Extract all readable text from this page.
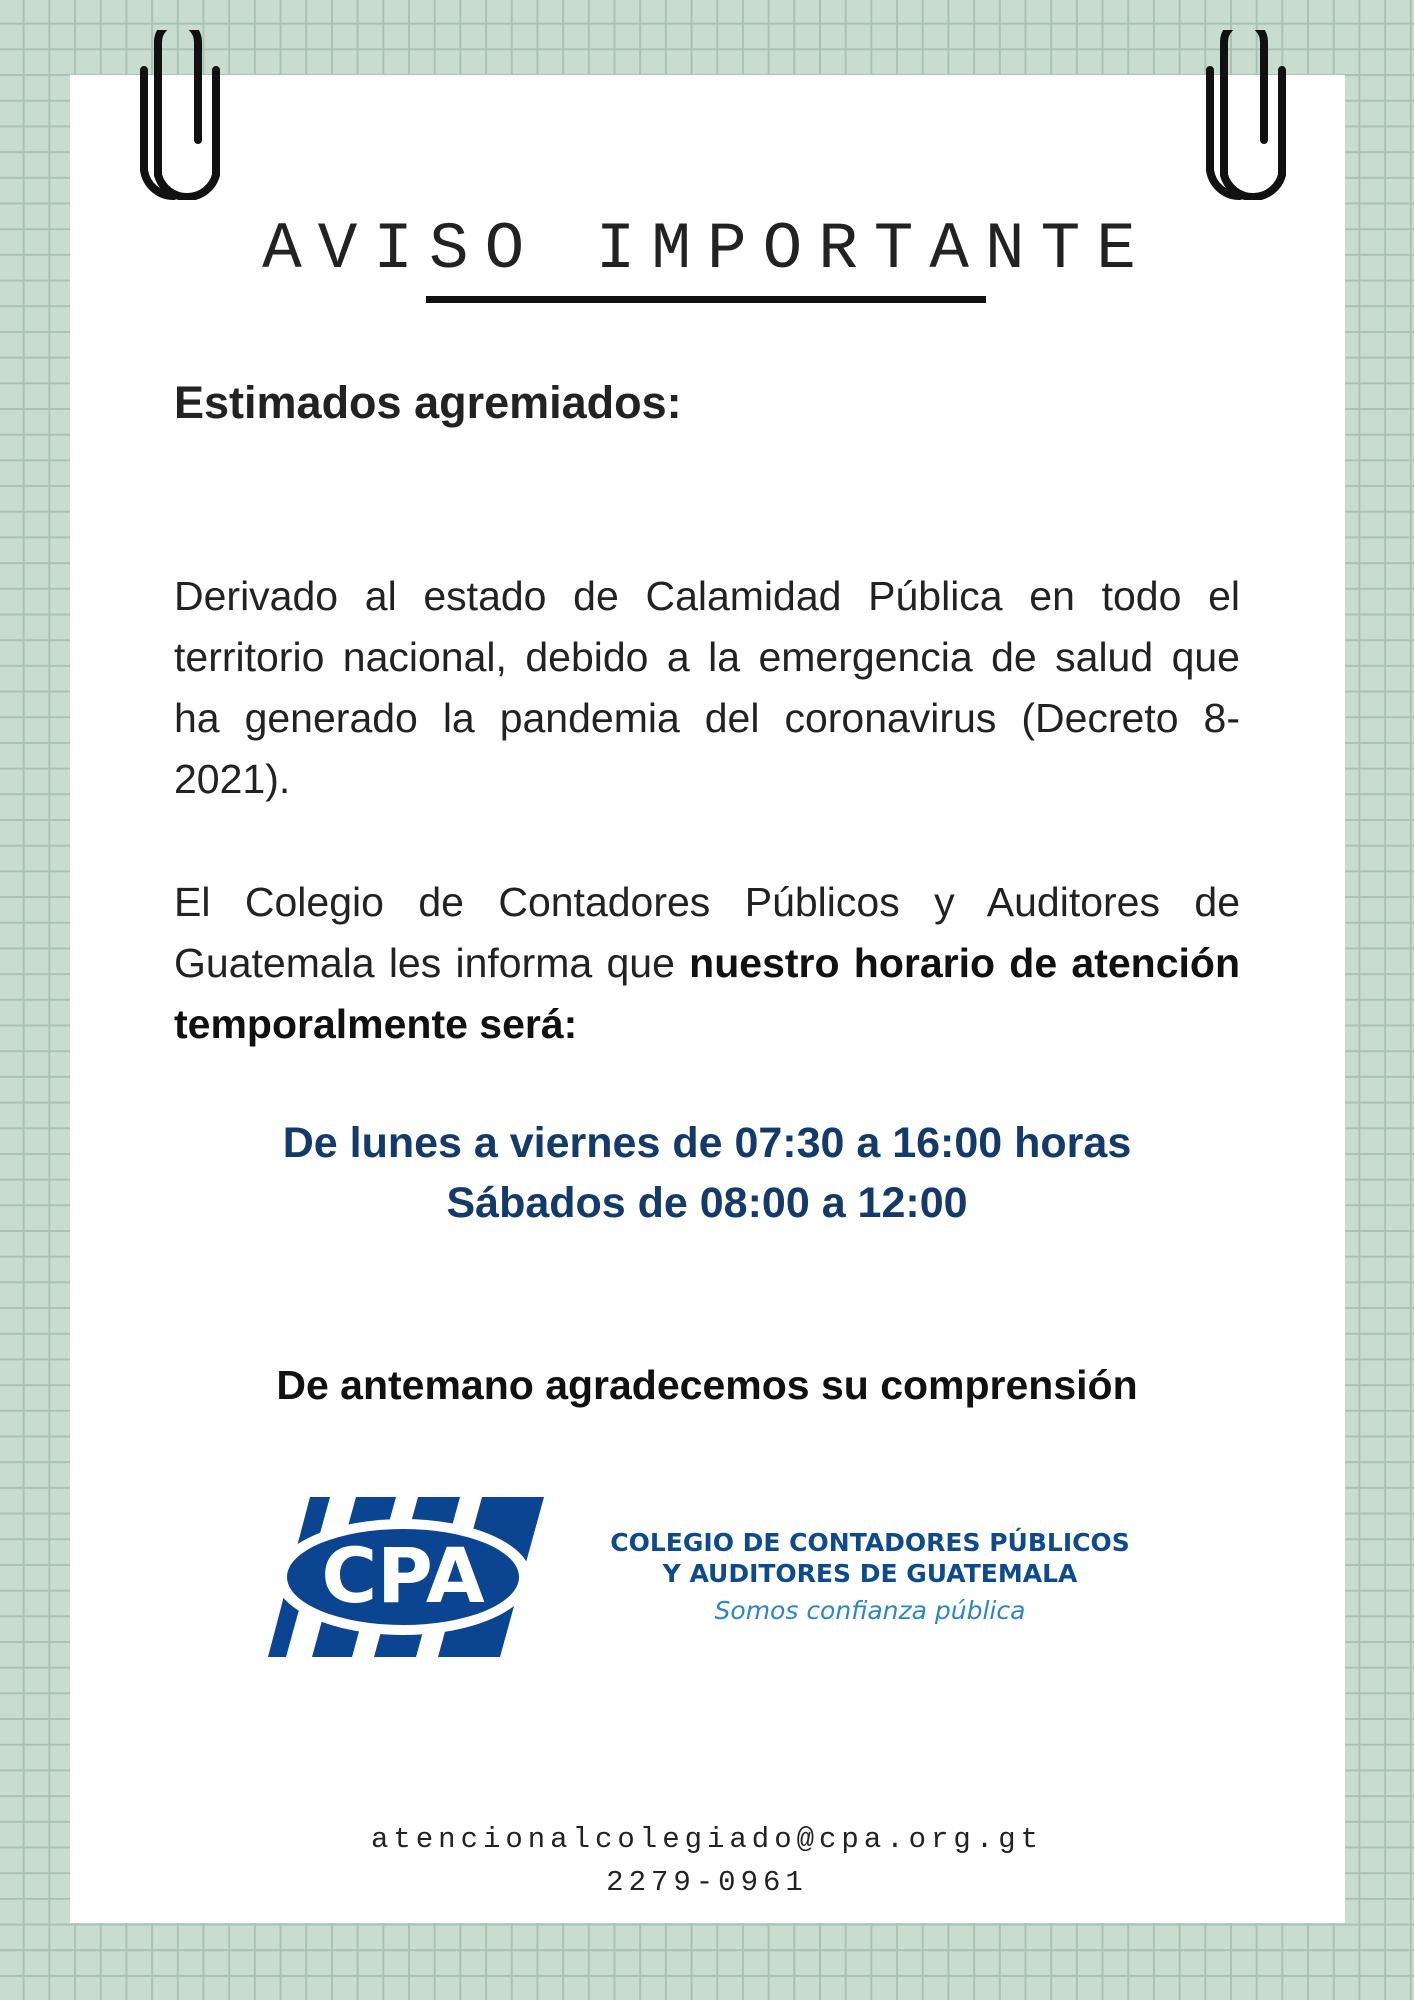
AVISO IMPORTANTE
Estimados agremiados:

Derivado al estado de Calamidad Pública en todo el territorio nacional, debido a la emergencia de salud que ha generado la pandemia del coronavirus (Decreto 8-2021).

El Colegio de Contadores Públicos y Auditores de Guatemala les informa que nuestro horario de atención temporalmente será:

De lunes a viernes de 07:30 a 16:00 horas
Sábados de 08:00 a 12:00
De antemano agradecemos su comprensión
CPA	COLEGIO DE CONTADORES PÚBLICOS
Y AUDITORES DE GUATEMALA
Somos confianza pública
atencionalcolegiado@cpa.org.gt
2279-0961
